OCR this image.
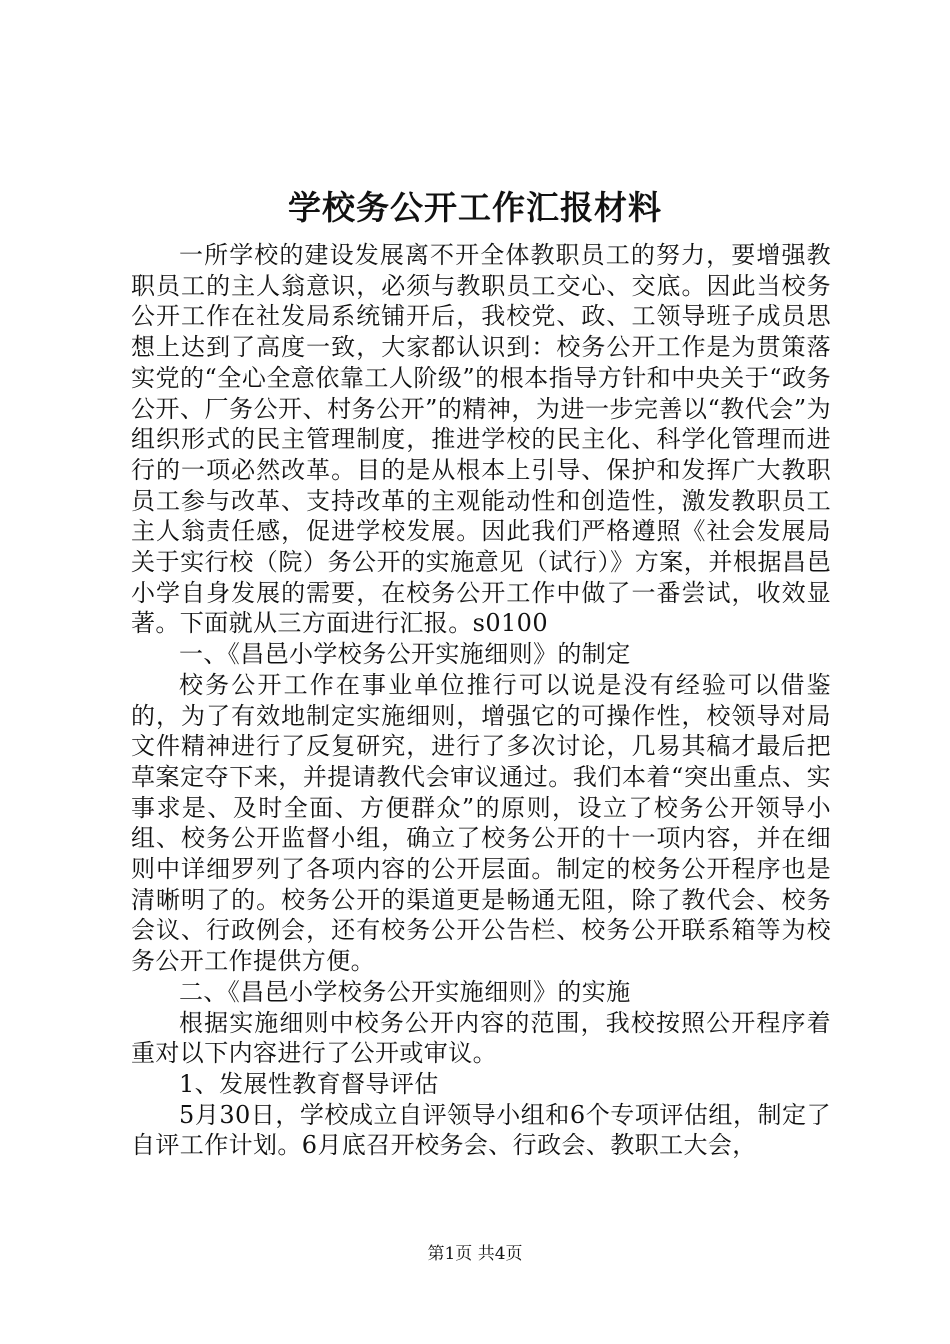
学校务公开工作汇报材料

一所学校的建设发展离不开全体教职员工的努力，要增强教职员工的主人翁意识，必须与教职员工交心、交底。因此当校务公开工作在社发局系统铺开后，我校党、政、工领导班子成员思想上达到了高度一致，大家都认识到：校务公开工作是为贯策落实党的“全心全意依靠工人阶级”的根本指导方针和中央关于“政务公开、厂务公开、村务公开”的精神，为进一步完善以“教代会”为组织形式的民主管理制度，推进学校的民主化、科学化管理而进行的一项必然改革。目的是从根本上引导、保护和发挥广大教职员工参与改革、支持改革的主观能动性和创造性，激发教职员工主人翁责任感，促进学校发展。因此我们严格遵照《社会发展局关于实行校（院）务公开的实施意见（试行）》方案，并根据昌邑小学自身发展的需要，在校务公开工作中做了一番尝试，收效显著。下面就从三方面进行汇报。s0100

一、《昌邑小学校务公开实施细则》的制定

校务公开工作在事业单位推行可以说是没有经验可以借鉴的，为了有效地制定实施细则，增强它的可操作性，校领导对局文件精神进行了反复研究，进行了多次讨论，几易其稿才最后把草案定夺下来，并提请教代会审议通过。我们本着“突出重点、实事求是、及时全面、方便群众”的原则，设立了校务公开领导小组、校务公开监督小组，确立了校务公开的十一项内容，并在细则中详细罗列了各项内容的公开层面。制定的校务公开程序也是清晰明了的。校务公开的渠道更是畅通无阻，除了教代会、校务会议、行政例会，还有校务公开公告栏、校务公开联系箱等为校务公开工作提供方便。

二、《昌邑小学校务公开实施细则》的实施

根据实施细则中校务公开内容的范围，我校按照公开程序着重对以下内容进行了公开或审议。

1、发展性教育督导评估

5月30日，学校成立自评领导小组和6个专项评估组，制定了自评工作计划。6月底召开校务会、行政会、教职工大会，

第1页 共4页
